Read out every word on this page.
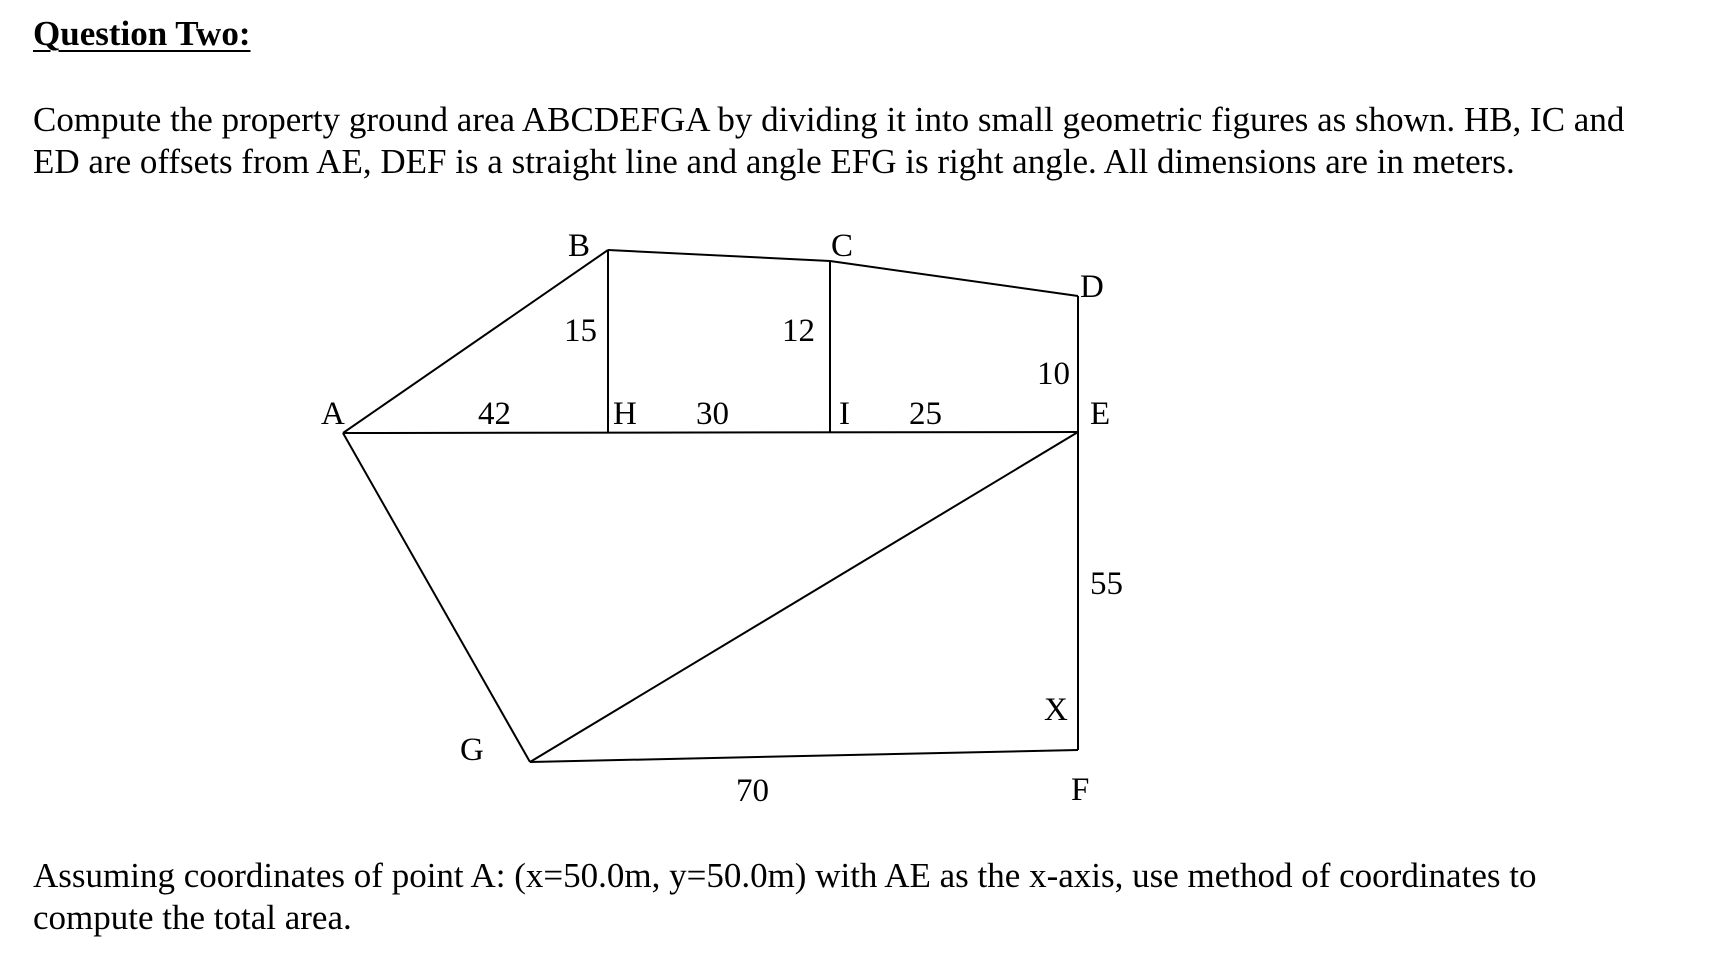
Question Two:

Compute the property ground area ABCDEFGA by dividing it into small geometric figures as shown. HB, IC and
ED are offsets from AE, DEF is a straight line and angle EFG is right angle. All dimensions are in meters.

A
B	C
D
E
F
G
H	I
X
42
15
30
12
25
10
55
70

Assuming coordinates of point A: (x=50.0m, y=50.0m) with AE as the x-axis, use method of coordinates to
compute the total area.
